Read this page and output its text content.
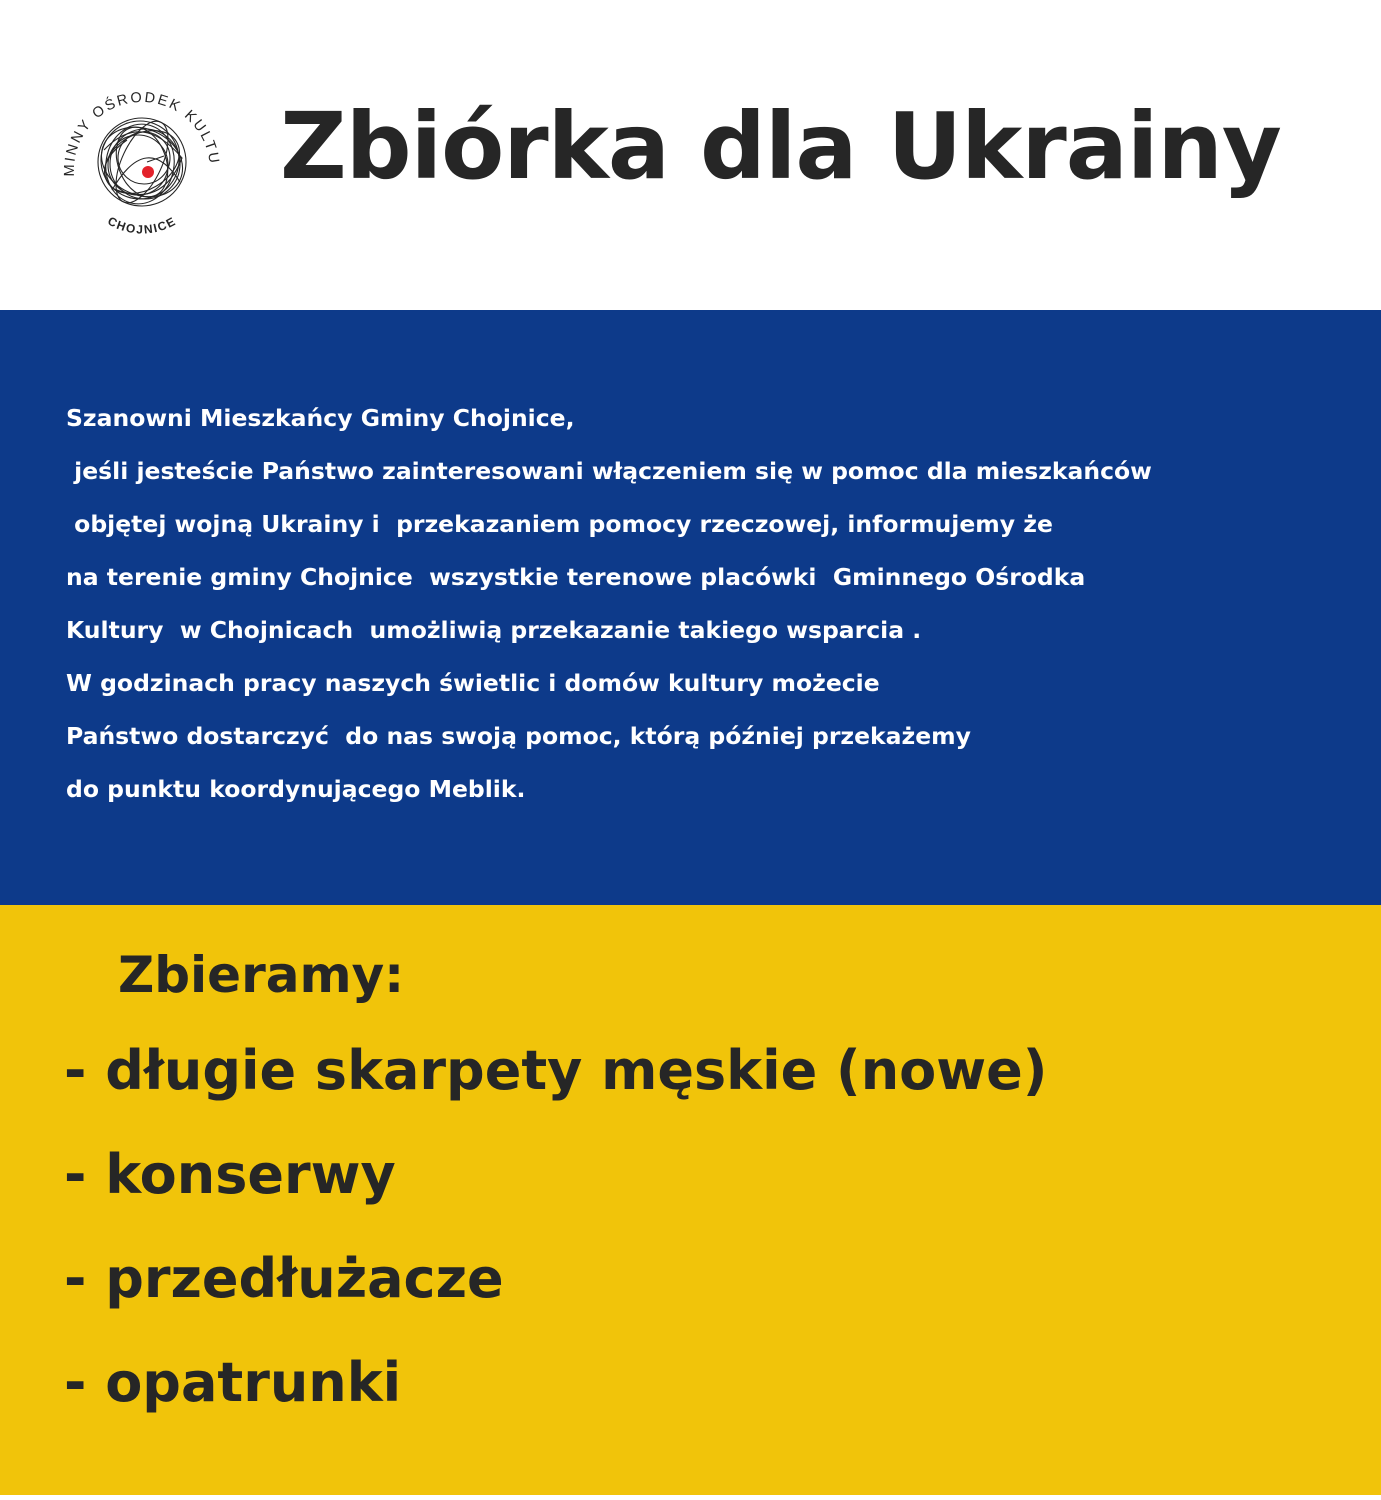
MINNY OŚRODEK KULTU
CHOJNICE
Zbiórka dla Ukrainy
Szanowni Mieszkańcy Gminy Chojnice,
jeśli jesteście Państwo zainteresowani włączeniem się w pomoc dla mieszkańców
objętej wojną Ukrainy i  przekazaniem pomocy rzeczowej, informujemy że
na terenie gminy Chojnice  wszystkie terenowe placówki  Gminnego Ośrodka
Kultury  w Chojnicach  umożliwią przekazanie takiego wsparcia .
W godzinach pracy naszych świetlic i domów kultury możecie
Państwo dostarczyć  do nas swoją pomoc, którą później przekażemy
do punktu koordynującego Meblik.
Zbieramy:
- długie skarpety męskie (nowe)
- konserwy
- przedłużacze
- opatrunki
